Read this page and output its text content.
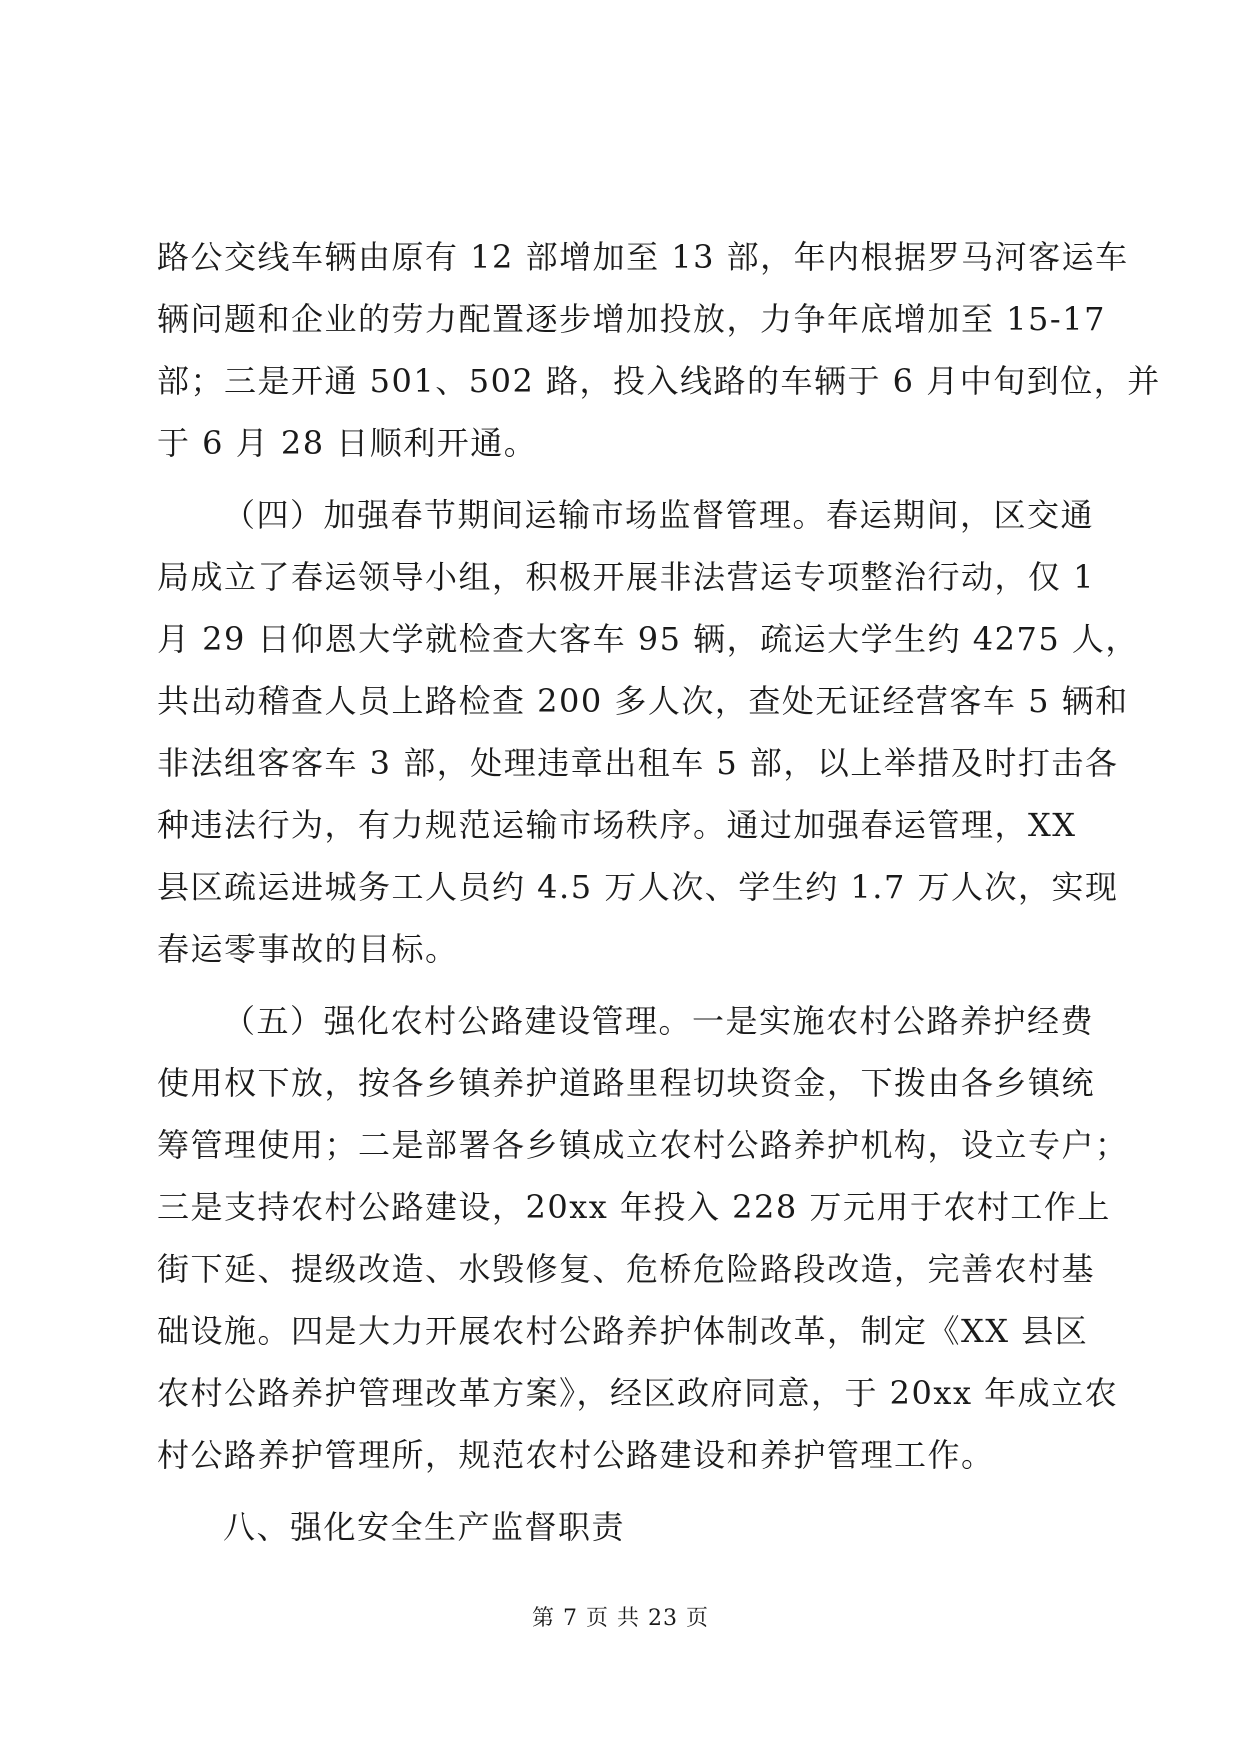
路公交线车辆由原有 12 部增加至 13 部，年内根据罗马河客运车
辆问题和企业的劳力配置逐步增加投放，力争年底增加至 15-17
部；三是开通 501、502 路，投入线路的车辆于 6 月中旬到位，并
于 6 月 28 日顺利开通。
（四）加强春节期间运输市场监督管理。春运期间，区交通
局成立了春运领导小组，积极开展非法营运专项整治行动，仅 1
月 29 日仰恩大学就检查大客车 95 辆，疏运大学生约 4275 人，
共出动稽查人员上路检查 200 多人次，查处无证经营客车 5 辆和
非法组客客车 3 部，处理违章出租车 5 部，以上举措及时打击各
种违法行为，有力规范运输市场秩序。通过加强春运管理，XX
县区疏运进城务工人员约 4.5 万人次、学生约 1.7 万人次，实现
春运零事故的目标。
（五）强化农村公路建设管理。一是实施农村公路养护经费
使用权下放，按各乡镇养护道路里程切块资金，下拨由各乡镇统
筹管理使用；二是部署各乡镇成立农村公路养护机构，设立专户；
三是支持农村公路建设，20xx 年投入 228 万元用于农村工作上
街下延、提级改造、水毁修复、危桥危险路段改造，完善农村基
础设施。四是大力开展农村公路养护体制改革，制定《XX 县区
农村公路养护管理改革方案》，经区政府同意，于 20xx 年成立农
村公路养护管理所，规范农村公路建设和养护管理工作。
八、强化安全生产监督职责
第 7 页 共 23 页
